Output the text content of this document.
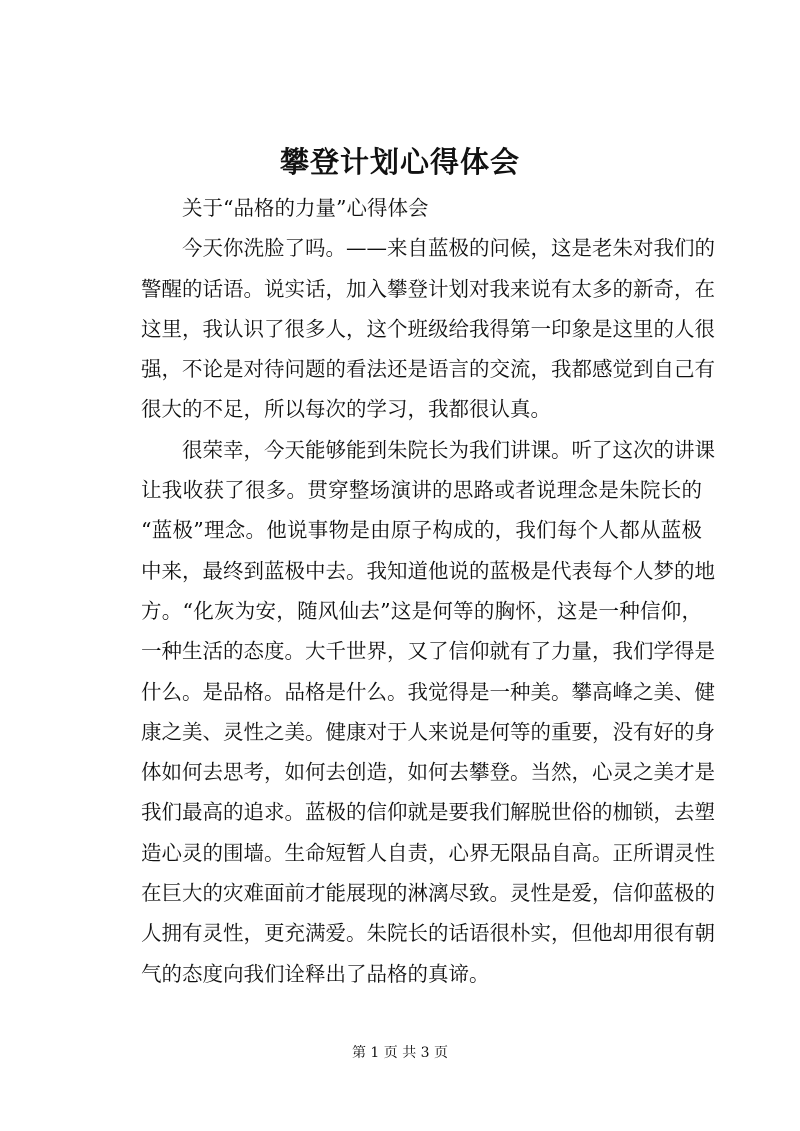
攀登计划心得体会

关于“品格的力量”心得体会

今天你洗脸了吗。——来自蓝极的问候，这是老朱对我们的
警醒的话语。说实话，加入攀登计划对我来说有太多的新奇，在
这里，我认识了很多人，这个班级给我得第一印象是这里的人很
强，不论是对待问题的看法还是语言的交流，我都感觉到自己有
很大的不足，所以每次的学习，我都很认真。

很荣幸，今天能够能到朱院长为我们讲课。听了这次的讲课
让我收获了很多。贯穿整场演讲的思路或者说理念是朱院长的
“蓝极”理念。他说事物是由原子构成的，我们每个人都从蓝极
中来，最终到蓝极中去。我知道他说的蓝极是代表每个人梦的地
方。“化灰为安，随风仙去”这是何等的胸怀，这是一种信仰，
一种生活的态度。大千世界，又了信仰就有了力量，我们学得是
什么。是品格。品格是什么。我觉得是一种美。攀高峰之美、健
康之美、灵性之美。健康对于人来说是何等的重要，没有好的身
体如何去思考，如何去创造，如何去攀登。当然，心灵之美才是
我们最高的追求。蓝极的信仰就是要我们解脱世俗的枷锁，去塑
造心灵的围墙。生命短暂人自责，心界无限品自高。正所谓灵性
在巨大的灾难面前才能展现的淋漓尽致。灵性是爱，信仰蓝极的
人拥有灵性，更充满爱。朱院长的话语很朴实，但他却用很有朝
气的态度向我们诠释出了品格的真谛。

第 1 页 共 3 页
